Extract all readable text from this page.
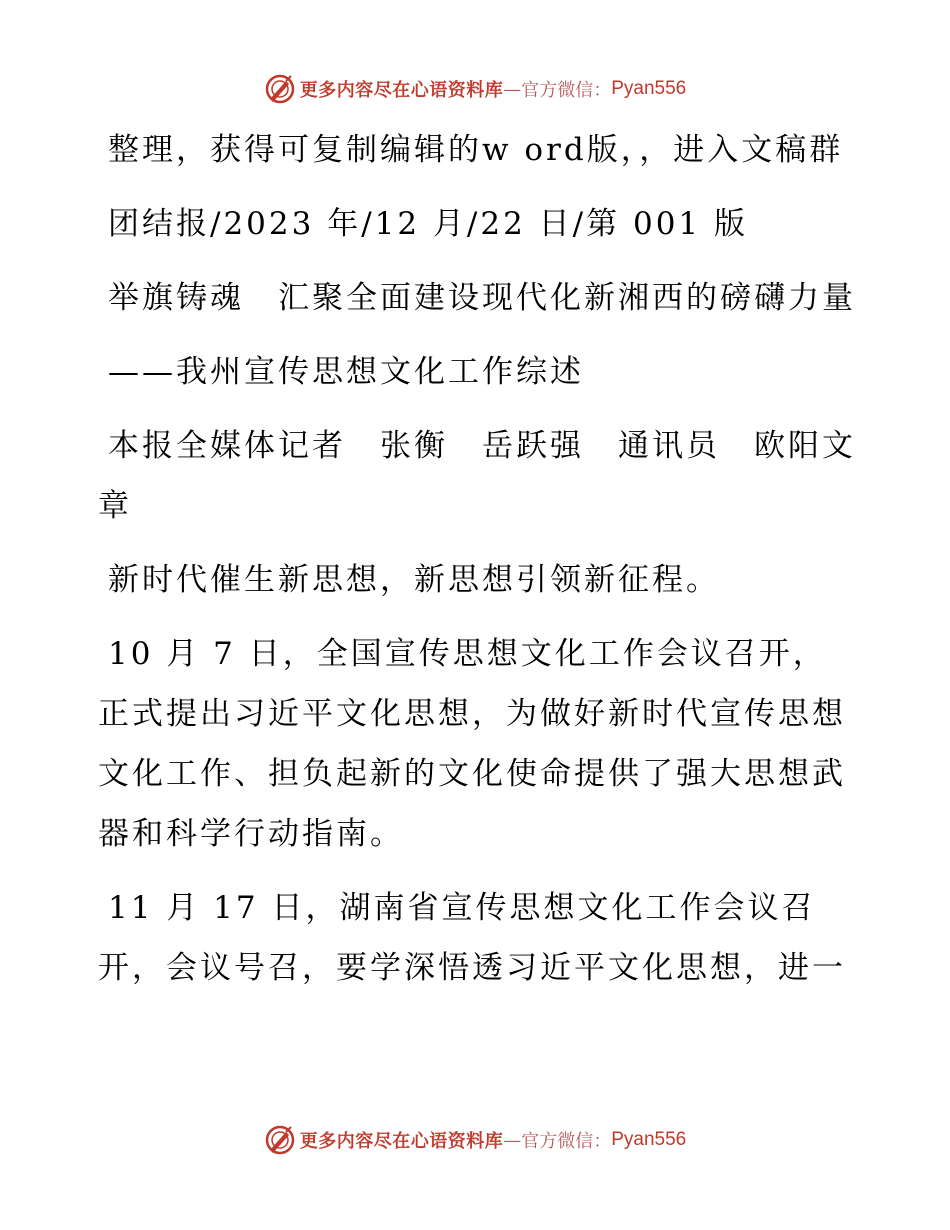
更多内容尽在心语资料库 — 官方微信： Pyan556

整理，获得可复制编辑的w ord版，，进入文稿群

团结报/2023 年/12 月/22 日/第 001 版

举旗铸魂　汇聚全面建设现代化新湘西的磅礴力量

——我州宣传思想文化工作综述

本报全媒体记者　张衡　岳跃强　通讯员　欧阳文章

新时代催生新思想，新思想引领新征程。

10 月 7 日，全国宣传思想文化工作会议召开，正式提出习近平文化思想，为做好新时代宣传思想文化工作、担负起新的文化使命提供了强大思想武器和科学行动指南。

11 月 17 日，湖南省宣传思想文化工作会议召开，会议号召，要学深悟透习近平文化思想，进一

更多内容尽在心语资料库 — 官方微信： Pyan556
